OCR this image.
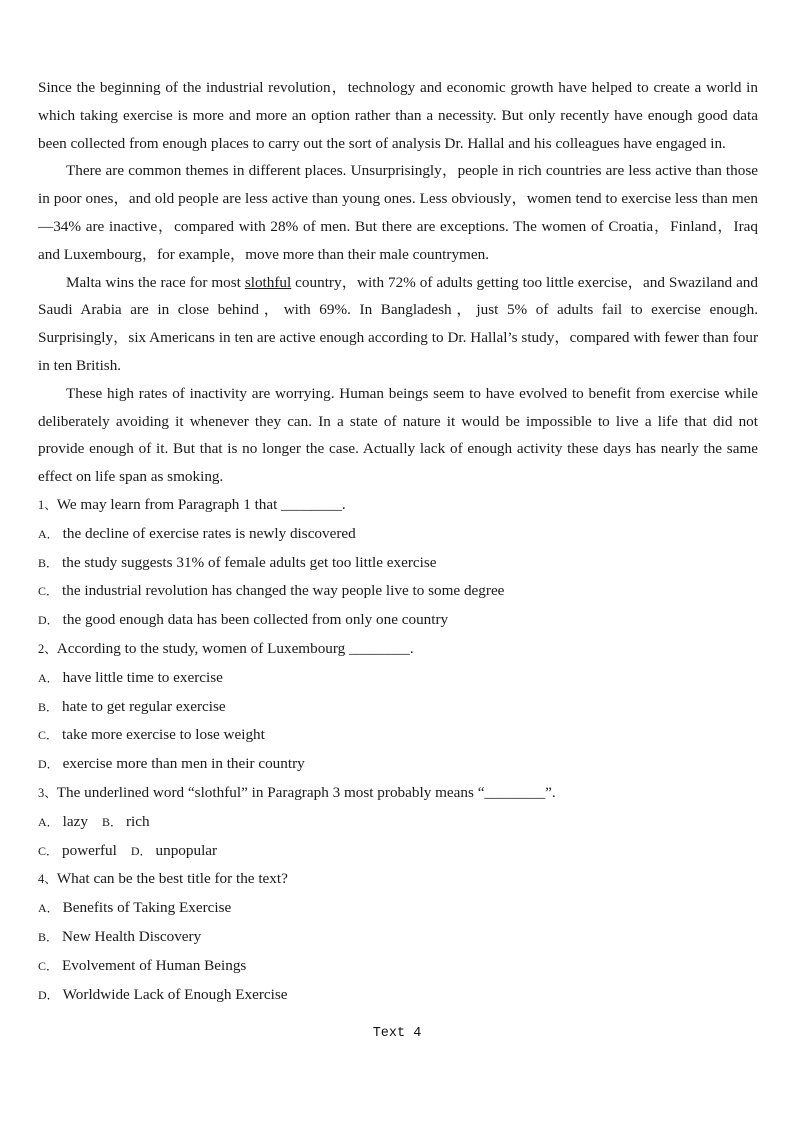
Since the beginning of the industrial revolution，technology and economic growth have helped to create a world in which taking exercise is more and more an option rather than a necessity. But only recently have enough good data been collected from enough places to carry out the sort of analysis Dr. Hallal and his colleagues have engaged in.

There are common themes in different places. Unsurprisingly，people in rich countries are less active than those in poor ones，and old people are less active than young ones. Less obviously，women tend to exercise less than men—34% are inactive，compared with 28% of men. But there are exceptions. The women of Croatia，Finland，Iraq and Luxembourg，for example，move more than their male countrymen.

Malta wins the race for most slothful country，with 72% of adults getting too little exercise，and Swaziland and Saudi Arabia are in close behind，with 69%. In Bangladesh，just 5% of adults fail to exercise enough. Surprisingly，six Americans in ten are active enough according to Dr. Hallal’s study，compared with fewer than four in ten British.

These high rates of inactivity are worrying. Human beings seem to have evolved to benefit from exercise while deliberately avoiding it whenever they can. In a state of nature it would be impossible to live a life that did not provide enough of it. But that is no longer the case. Actually lack of enough activity these days has nearly the same effect on life span as smoking.

1、We may learn from Paragraph 1 that ________.

A． the decline of exercise rates is newly discovered

B． the study suggests 31% of female adults get too little exercise

C． the industrial revolution has changed the way people live to some degree

D． the good enough data has been collected from only one country

2、According to the study, women of Luxembourg ________.

A． have little time to exercise

B． hate to get regular exercise

C． take more exercise to lose weight

D． exercise more than men in their country

3、The underlined word “slothful” in Paragraph 3 most probably means “________”.

A． lazy B． rich

C． powerful D． unpopular

4、What can be the best title for the text?

A． Benefits of Taking Exercise

B． New Health Discovery

C． Evolvement of Human Beings

D． Worldwide Lack of Enough Exercise

Text 4
